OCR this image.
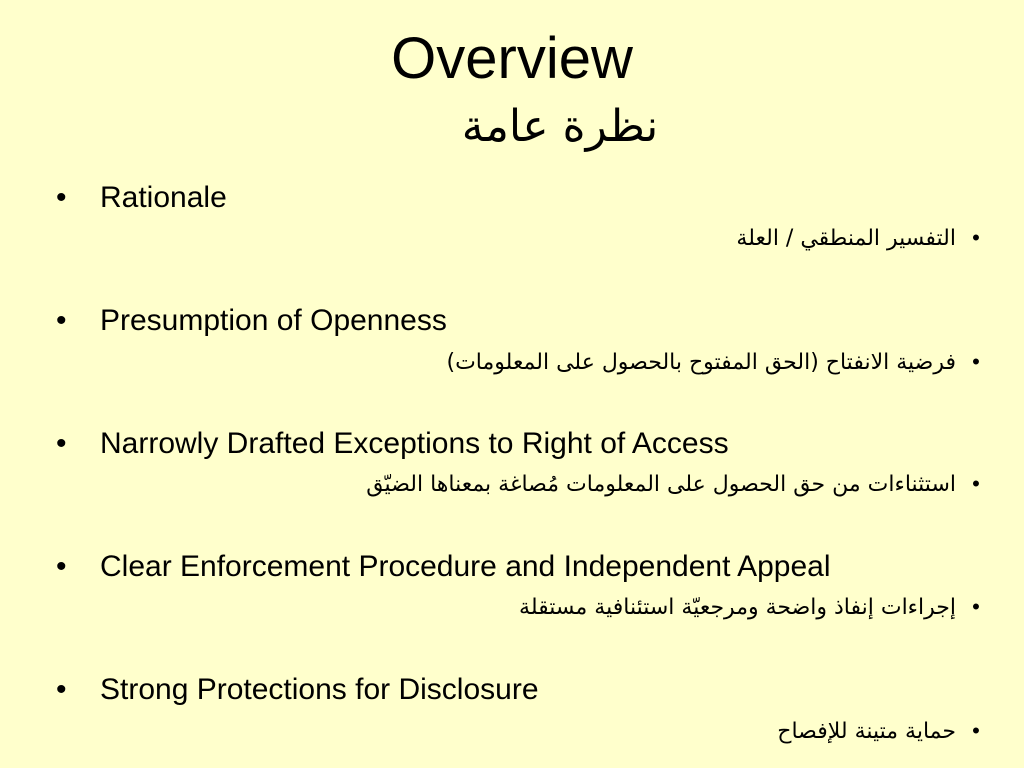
Overview
نظرة عامة
• Rationale
•التفسير المنطقي / العلة
• Presumption of Openness
•فرضية الانفتاح (الحق المفتوح بالحصول على المعلومات)
• Narrowly Drafted Exceptions to Right of Access
•استثناءات من حق الحصول على المعلومات مُصاغة بمعناها الضيّق
• Clear Enforcement Procedure and Independent Appeal
•إجراءات إنفاذ واضحة ومرجعيّة استئنافية مستقلة
• Strong Protections for Disclosure
•حماية متينة للإفصاح
